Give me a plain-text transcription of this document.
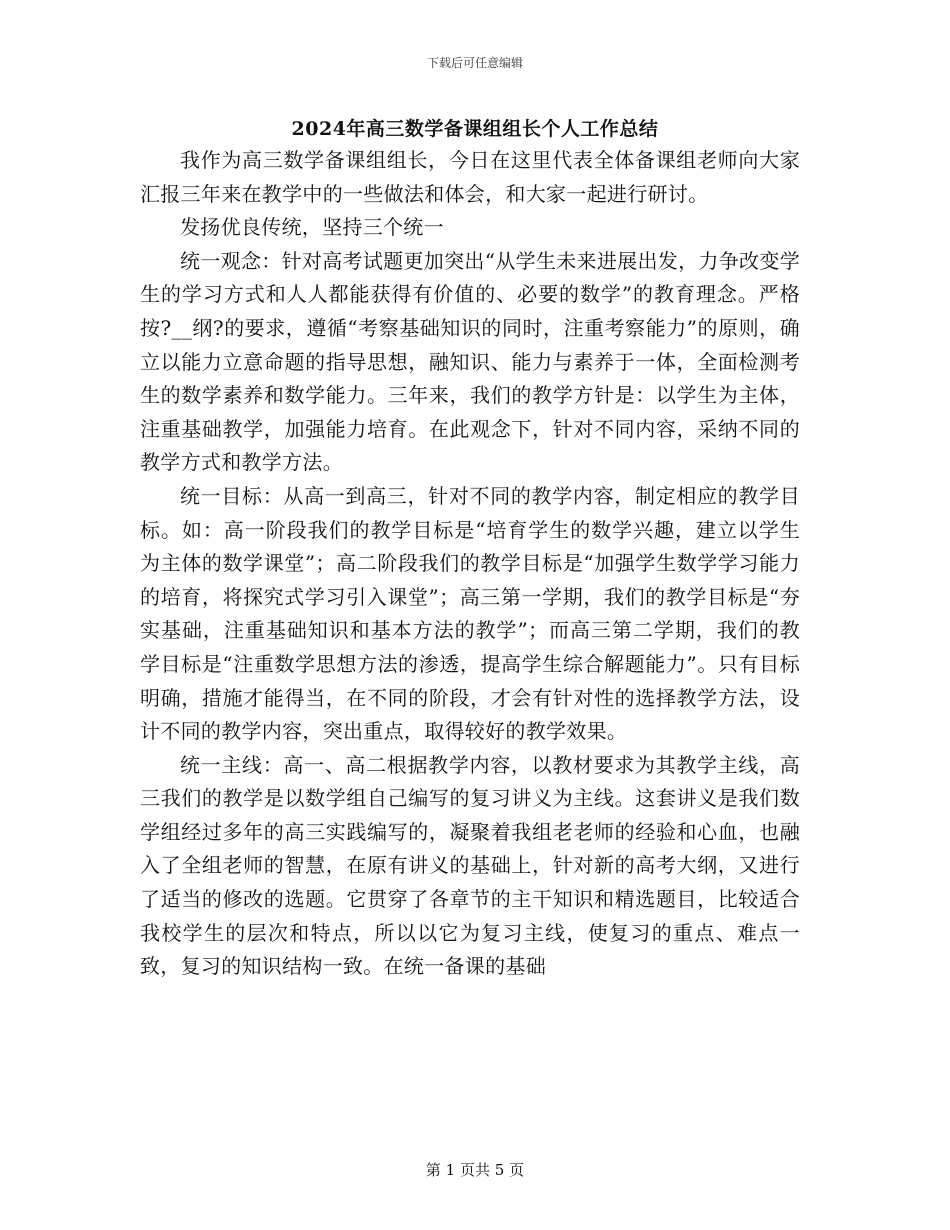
下载后可任意编辑
2024年高三数学备课组组长个人工作总结

我作为高三数学备课组组长，今日在这里代表全体备课组老师向大家汇报三年来在教学中的一些做法和体会，和大家一起进行研讨。

发扬优良传统，坚持三个统一

统一观念：针对高考试题更加突出“从学生未来进展出发，力争改变学生的学习方式和人人都能获得有价值的、必要的数学”的教育理念。严格按?__纲?的要求，遵循“考察基础知识的同时，注重考察能力”的原则，确立以能力立意命题的指导思想，融知识、能力与素养于一体，全面检测考生的数学素养和数学能力。三年来，我们的教学方针是：以学生为主体，注重基础教学，加强能力培育。在此观念下，针对不同内容，采纳不同的教学方式和教学方法。

统一目标：从高一到高三，针对不同的教学内容，制定相应的教学目标。如：高一阶段我们的教学目标是“培育学生的数学兴趣，建立以学生为主体的数学课堂”；高二阶段我们的教学目标是“加强学生数学学习能力的培育，将探究式学习引入课堂”；高三第一学期，我们的教学目标是“夯实基础，注重基础知识和基本方法的教学”；而高三第二学期，我们的教学目标是“注重数学思想方法的渗透，提高学生综合解题能力”。只有目标明确，措施才能得当，在不同的阶段，才会有针对性的选择教学方法，设计不同的教学内容，突出重点，取得较好的教学效果。

统一主线：高一、高二根据教学内容，以教材要求为其教学主线，高三我们的教学是以数学组自己编写的复习讲义为主线。这套讲义是我们数学组经过多年的高三实践编写的，凝聚着我组老老师的经验和心血，也融入了全组老师的智慧，在原有讲义的基础上，针对新的高考大纲，又进行了适当的修改的选题。它贯穿了各章节的主干知识和精选题目，比较适合我校学生的层次和特点，所以以它为复习主线，使复习的重点、难点一致，复习的知识结构一致。在统一备课的基础

第 1 页共 5 页
